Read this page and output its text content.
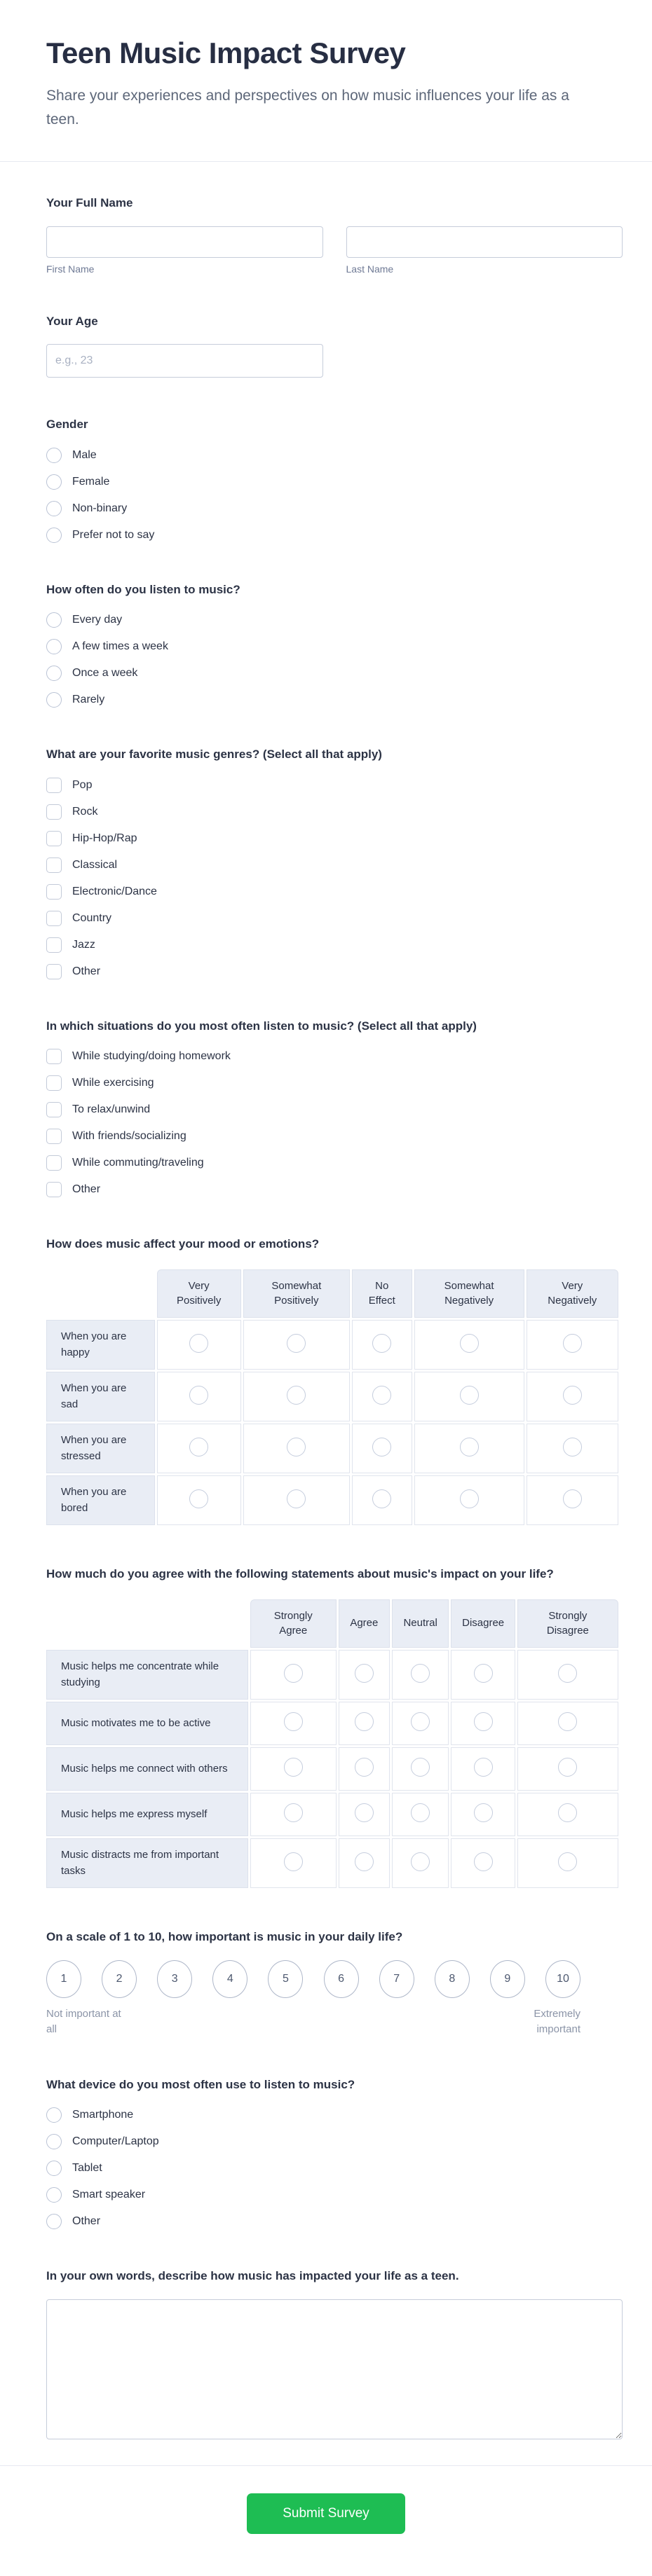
Teen Music Impact Survey

Share your experiences and perspectives on how music influences your life as a teen.

Your Full Name
First Name	Last Name
Your Age
e.g., 23
Gender
Male
Female
Non-binary
Prefer not to say
How often do you listen to music?
Every day
A few times a week
Once a week
Rarely
What are your favorite music genres? (Select all that apply)
Pop
Rock
Hip-Hop/Rap
Classical
Electronic/Dance
Country
Jazz
Other
In which situations do you most often listen to music? (Select all that apply)
While studying/doing homework
While exercising
To relax/unwind
With friends/socializing
While commuting/traveling
Other
How does music affect your mood or emotions?
	Very Positively	Somewhat Positively	No Effect	Somewhat Negatively	Very Negatively
When you are happy					
When you are sad					
When you are stressed					
When you are bored					
How much do you agree with the following statements about music's impact on your life?
	Strongly Agree	Agree	Neutral	Disagree	Strongly Disagree
Music helps me concentrate while studying					
Music motivates me to be active					
Music helps me connect with others					
Music helps me express myself					
Music distracts me from important tasks					
On a scale of 1 to 10, how important is music in your daily life?
1	2	3	4	5	6	7	8	9	10
Not important at all
Extremely important
What device do you most often use to listen to music?
Smartphone
Computer/Laptop
Tablet
Smart speaker
Other
In your own words, describe how music has impacted your life as a teen.
Submit Survey
